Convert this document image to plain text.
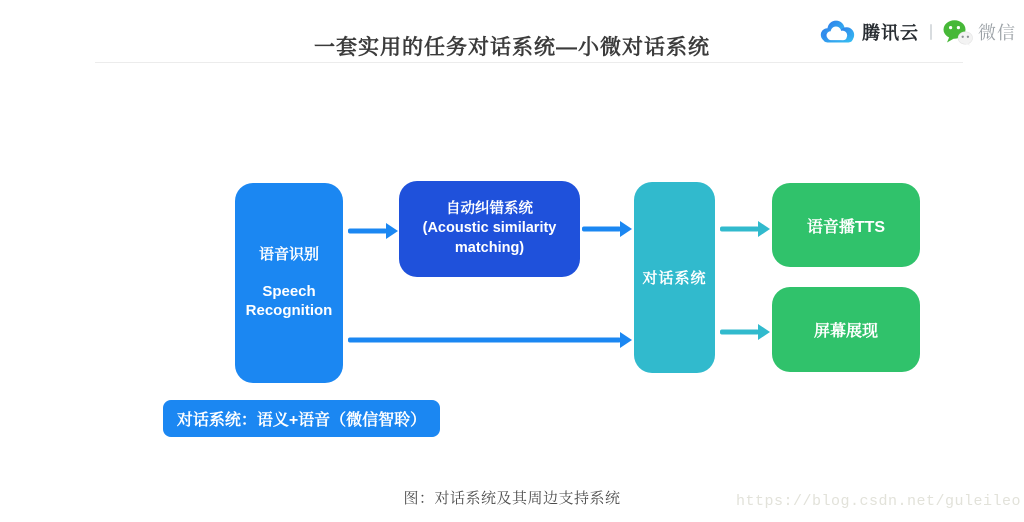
一套实用的任务对话系统—小微对话系统
腾讯云	微信
语音识别
Speech Recognition
自动纠错系统
(Acoustic similarity matching)
对话系统
语音播TTS
屏幕展现
对话系统：语义+语音（微信智聆）
图：对话系统及其周边支持系统	https://blog.csdn.net/guleileo
